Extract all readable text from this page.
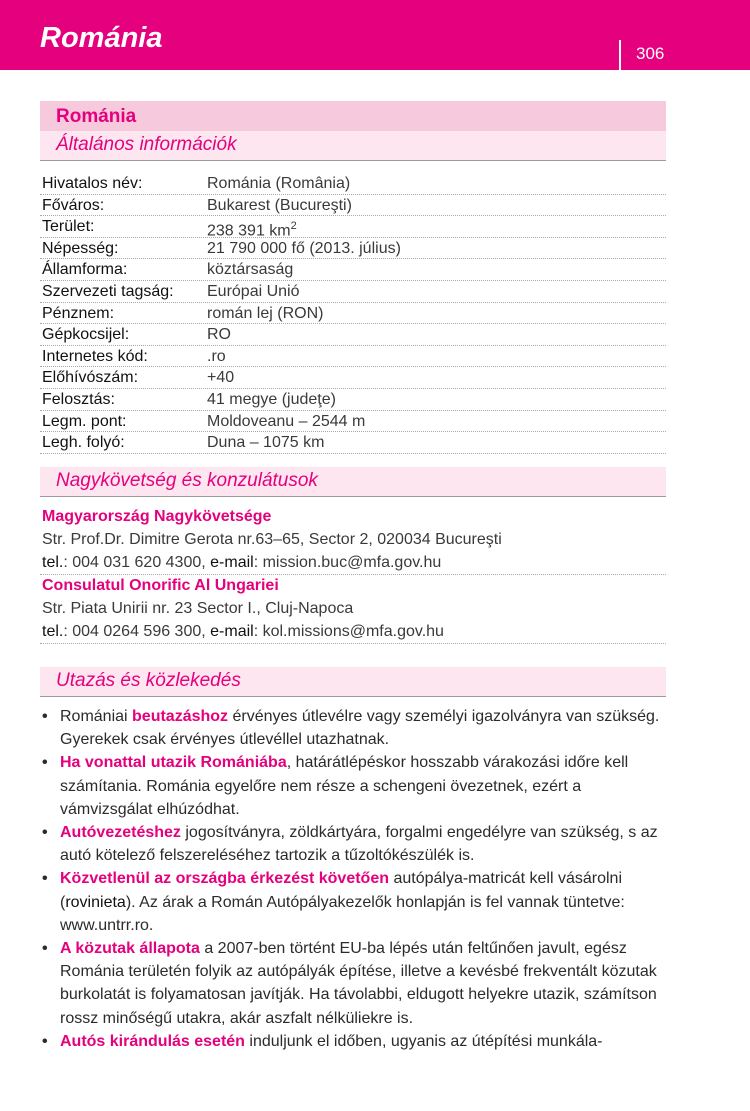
Románia	306
Románia
Általános információk
Hivatalos név:	Románia (România)
Főváros:	Bukarest (Bucureşti)
Terület:	238 391 $km^2$
Népesség:	21 790 000 fő (2013. július)
Államforma:	köztársaság
Szervezeti tagság: Európai Unió
Pénznem:	román lej (RON)
Gépkocsijel:	RO
Internetes kód:	.ro
Előhívószám:	+40
Felosztás:	41 megye (judeţe)
Legm. pont:	Moldoveanu – 2544 m
Legh. folyó:	Duna – 1075 km
Nagykövetség és konzulátusok
Magyarország Nagykövetsége
Str. Prof.Dr. Dimitre Gerota nr.63–65, Sector 2, 020034 Bucureşti
tel.: 004 031 620 4300, e-mail: mission.buc@mfa.gov.hu
Consulatul Onorific Al Ungariei
Str. Piata Unirii nr. 23 Sector I., Cluj-Napoca
tel.: 004 0264 596 300, e-mail: kol.missions@mfa.gov.hu
Utazás és közlekedés
• Romániai beutazáshoz érvényes útlevélre vagy személyi igazolványra van szükség. Gyerekek csak érvényes útlevéllel utazhatnak.
• Ha vonattal utazik Romániába, határátlépéskor hosszabb várakozási időre kell számítania. Románia egyelőre nem része a schengeni övezetnek, ezért a vámvizsgálat elhúzódhat.
• Autóvezetéshez jogosítványra, zöldkártyára, forgalmi engedélyre van szükség, s az autó kötelező felszereléséhez tartozik a tűzoltókészülék is.
• Közvetlenül az országba érkezést követően autópálya-matricát kell vásárolni (rovinieta). Az árak a Román Autópályakezelők honlapján is fel vannak tüntetve: www.untrr.ro.
• A közutak állapota a 2007-ben történt EU-ba lépés után feltűnően javult, egész Románia területén folyik az autópályák építése, illetve a kevésbé frekventált közutak burkolatát is folyamatosan javítják. Ha távolabbi, eldugott helyekre utazik, számítson rossz minőségű utakra, akár aszfalt nélküliekre is.
• Autós kirándulás esetén induljunk el időben, ugyanis az útépítési munkála-
